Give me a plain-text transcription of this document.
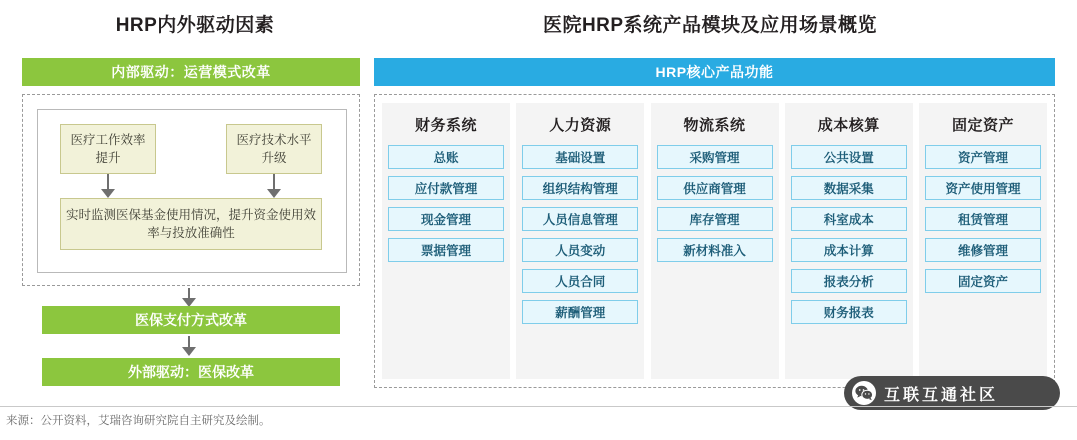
HRP内外驱动因素	医院HRP系统产品模块及应用场景概览
内部驱动：运营模式改革
医疗工作效率提升
医疗技术水平升级
实时监测医保基金使用情况，提升资金使用效率与投放准确性
医保支付方式改革
外部驱动：医保改革
HRP核心产品功能
财务系统
总账
应付款管理
现金管理
票据管理
人力资源
基础设置
组织结构管理
人员信息管理
人员变动
人员合同
薪酬管理
物流系统
采购管理
供应商管理
库存管理
新材料准入
成本核算
公共设置
数据采集
科室成本
成本计算
报表分析
财务报表
固定资产
资产管理
资产使用管理
租赁管理
维修管理
固定资产
互联互通社区
来源：公开资料，艾瑞咨询研究院自主研究及绘制。
